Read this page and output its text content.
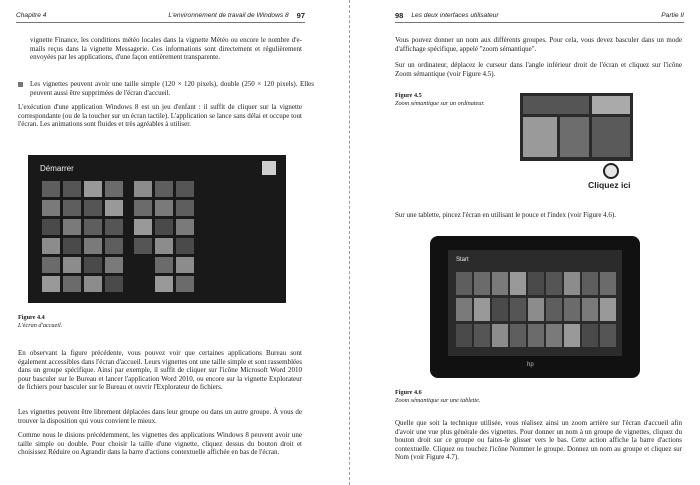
Chapitre 4	L'environnement de travail de Windows 8 97
vignette Finance, les conditions météo locales dans la vignette Météo ou encore le nombre d'e-mails reçus dans la vignette Messagerie. Ces informations sont directement et régulièrement envoyées par les applications, d'une façon entièrement transparente.
Les vignettes peuvent avoir une taille simple (120 × 120 pixels), double (250 × 120 pixels). Elles peuvent aussi être supprimées de l'écran d'accueil.
L'exécution d'une application Windows 8 est un jeu d'enfant : il suffit de cliquer sur la vignette correspondante (ou de la toucher sur un écran tactile). L'application se lance sans délai et occupe tout l'écran. Les animations sont fluides et très agréables à utiliser.
Démarrer
Figure 4.4
L'écran d'accueil.
En observant la figure précédente, vous pouvez voir que certaines applications Bureau sont également accessibles dans l'écran d'accueil. Leurs vignettes ont une taille simple et sont rassemblées dans un groupe spécifique. Ainsi par exemple, il suffit de cliquer sur l'icône Microsoft Word 2010 pour basculer sur le Bureau et lancer l'application Word 2010, ou encore sur la vignette Explorateur de fichiers pour basculer sur le Bureau et ouvrir l'Explorateur de fichiers.
Les vignettes peuvent être librement déplacées dans leur groupe ou dans un autre groupe. À vous de trouver la disposition qui vous convient le mieux.
Comme nous le disions précédemment, les vignettes des applications Windows 8 peuvent avoir une taille simple ou double. Pour choisir la taille d'une vignette, cliquez dessus du bouton droit et choisissez Réduire ou Agrandir dans la barre d'actions contextuelle affichée en bas de l'écran.
98 Les deux interfaces utilisateur	Partie II
Vous pouvez donner un nom aux différents groupes. Pour cela, vous devez basculer dans un mode d'affichage spécifique, appelé "zoom sémantique".
Sur un ordinateur, déplacez le curseur dans l'angle inférieur droit de l'écran et cliquez sur l'icône Zoom sémantique (voir Figure 4.5).
Figure 4.5
Zoom sémantique sur un ordinateur.
Cliquez ici
Sur une tablette, pincez l'écran en utilisant le pouce et l'index (voir Figure 4.6).
Start
hp
Figure 4.6
Zoom sémantique sur une tablette.
Quelle que soit la technique utilisée, vous réalisez ainsi un zoom arrière sur l'écran d'accueil afin d'avoir une vue plus générale des vignettes. Pour donner un nom à un groupe de vignettes, cliquez du bouton droit sur ce groupe ou faites-le glisser vers le bas. Cette action affiche la barre d'actions contextuelle. Cliquez ou touchez l'icône Nommer le groupe. Donnez un nom au groupe et cliquez sur Nom (voir Figure 4.7).
